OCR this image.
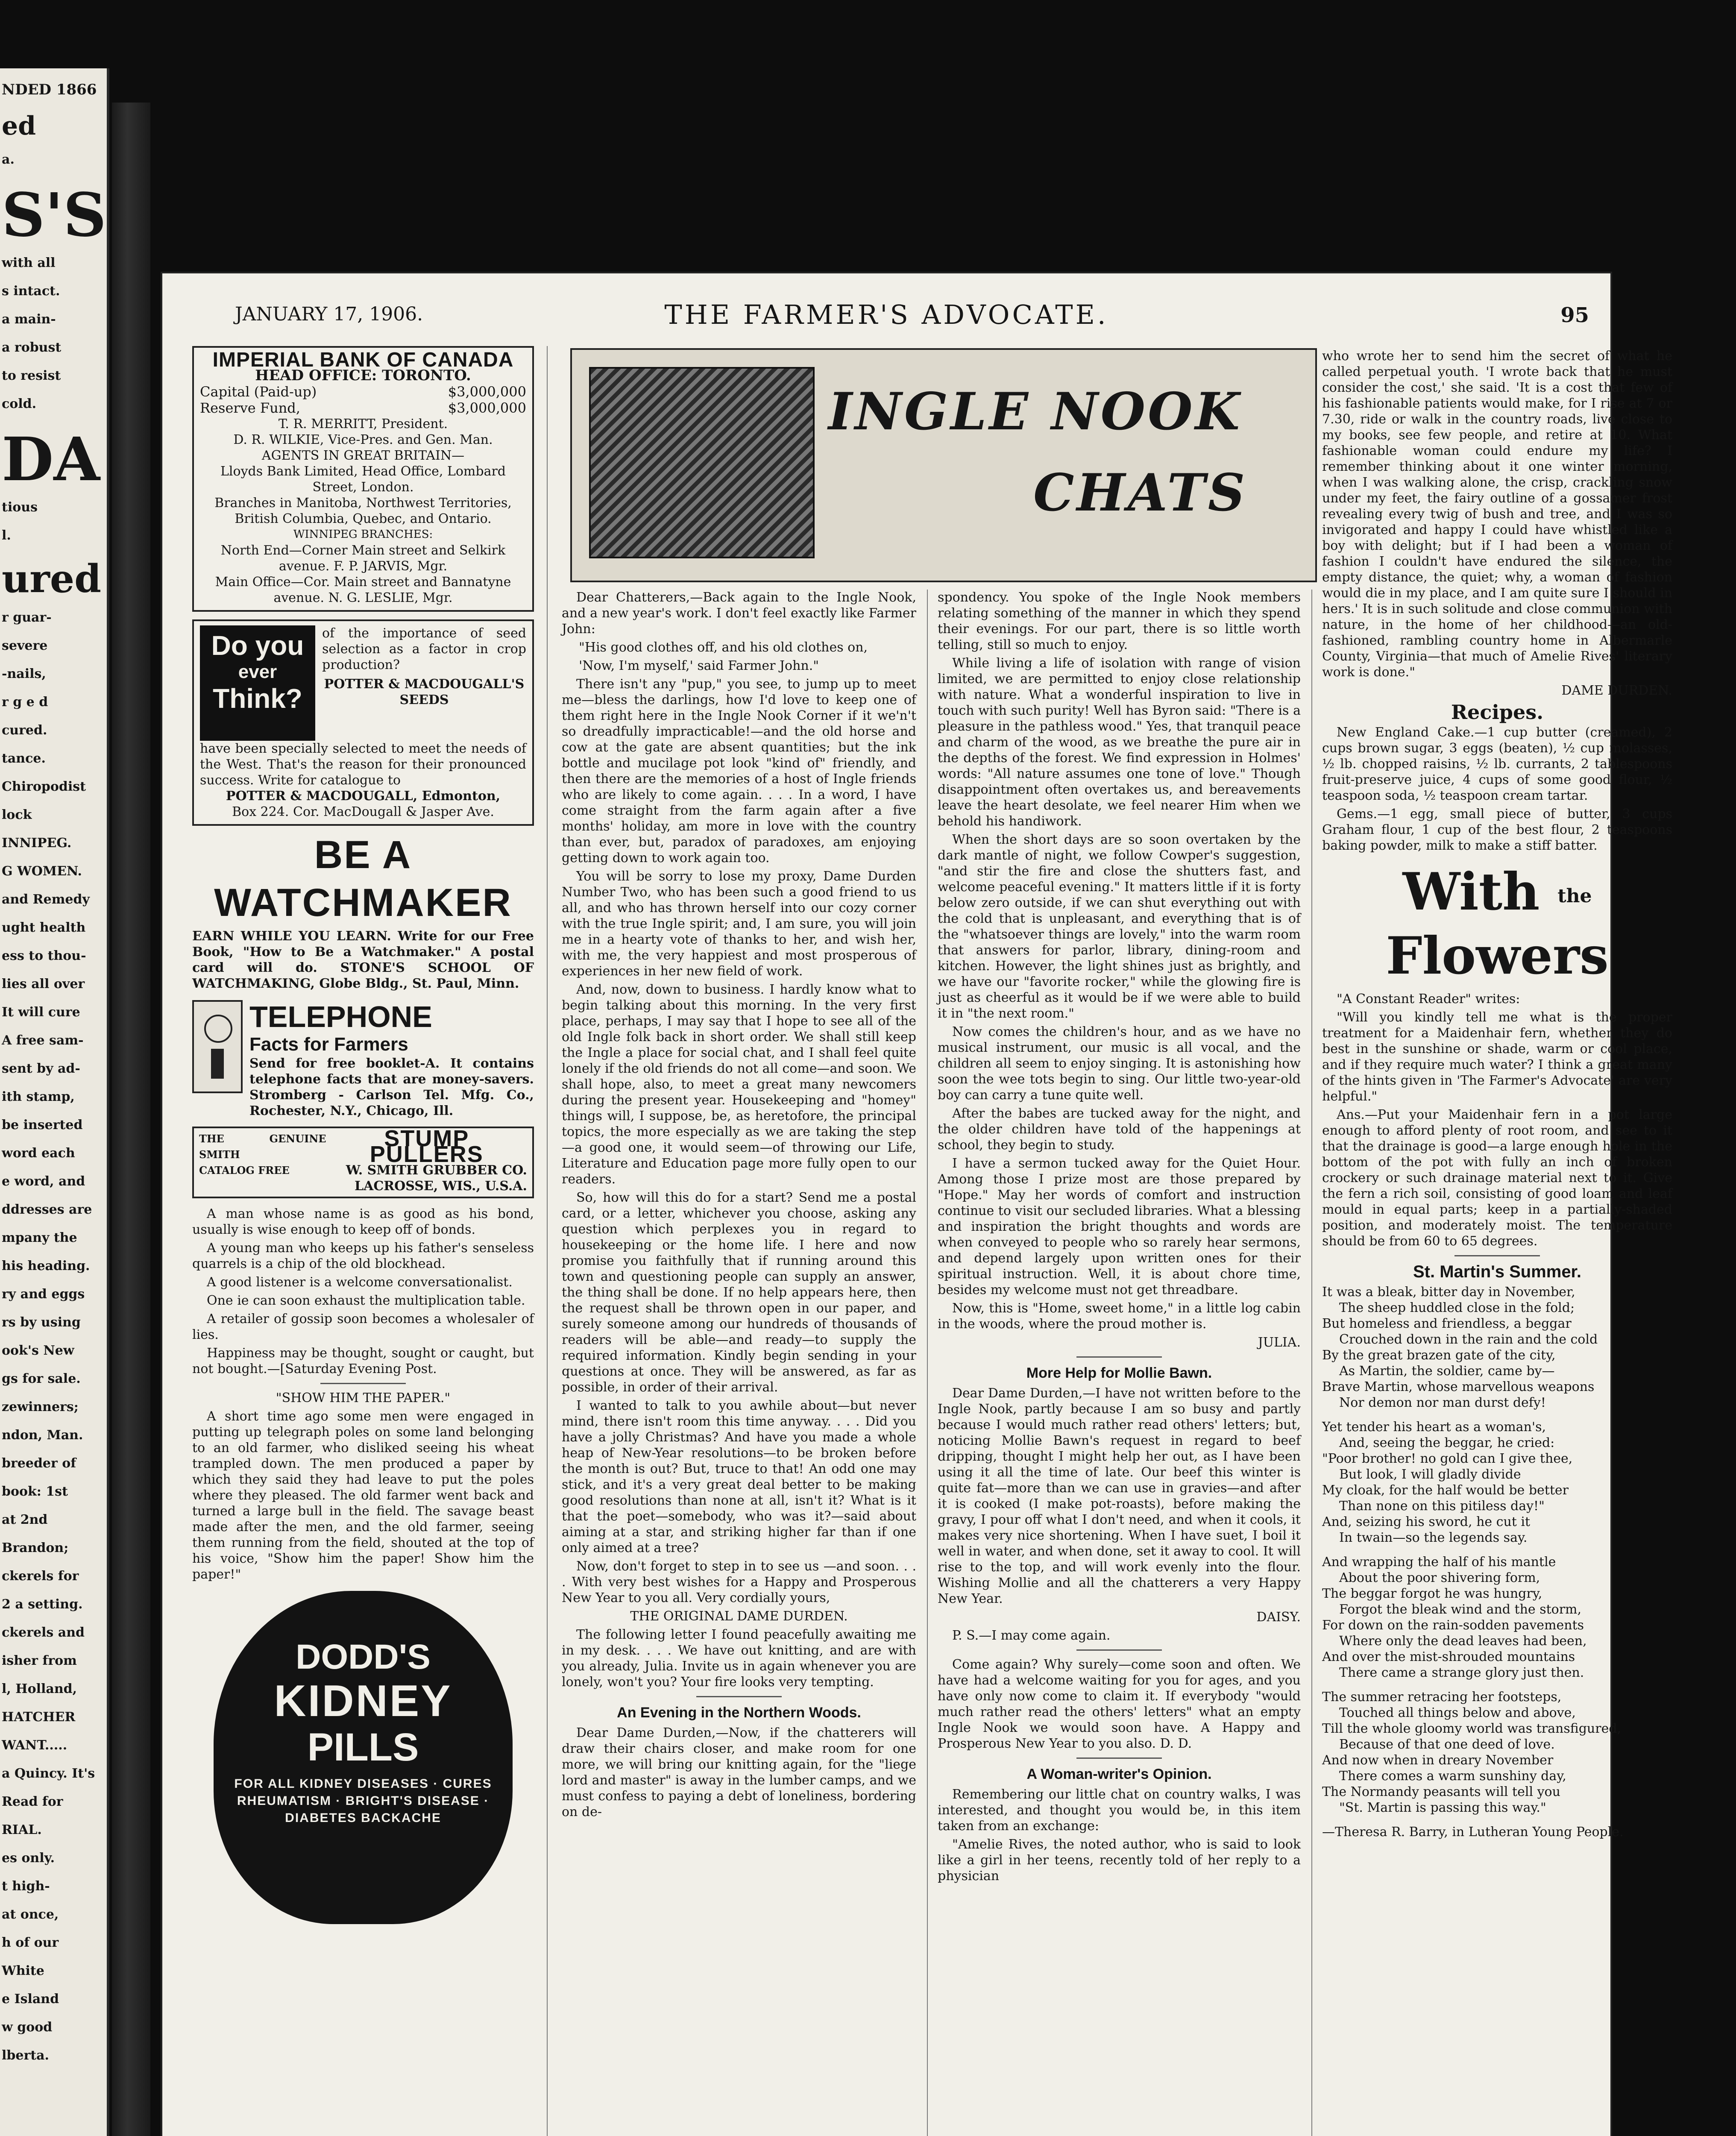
NDED 1866
ed
a.
S'S
with all
s intact.
a main-
a robust
to resist
cold.
DA
tious
l.
ured
r guar-
severe
-nails,
r g e d
cured.
tance.
Chiropodist
lock
INNIPEG.
G WOMEN.
and Remedy
ught health
ess to thou-
lies all over
It will cure
A free sam-
sent by ad-
ith stamp,
be inserted
word each
e word, and
ddresses are
mpany the
his heading.
ry and eggs
rs by using
ook's New
gs for sale.
zewinners;
ndon, Man.
breeder of
book: 1st
at 2nd
Brandon;
ckerels for
2 a setting.
ckerels and
isher from
l, Holland,
HATCHER
WANT.....
a Quincy. It's
Read for
RIAL.
es only.
t high-
at once,
h of our
White
e Island
w good
lberta.
THE FARMER'S ADVOCATE.
JANUARY 17, 1906.	95
IMPERIAL BANK OF CANADA
HEAD OFFICE: TORONTO.
Capital (Paid-up)	$3,000,000
Reserve Fund,	$3,000,000
T. R. MERRITT, President.
D. R. WILKIE, Vice-Pres. and Gen. Man.
AGENTS IN GREAT BRITAIN—
Lloyds Bank Limited, Head Office, Lombard Street, London.
Branches in Manitoba, Northwest Territories, British Columbia, Quebec, and Ontario.
WINNIPEG BRANCHES:
North End—Corner Main street and Selkirk avenue. F. P. JARVIS, Mgr.
Main Office—Cor. Main street and Bannatyne avenue. N. G. LESLIE, Mgr.
Do you
ever
Think?
of the importance of seed selection as a factor in crop production?
POTTER & MACDOUGALL'S SEEDS
have been specially selected to meet the needs of the West. That's the reason for their pronounced success. Write for catalogue to
POTTER & MACDOUGALL, Edmonton,
Box 224. Cor. MacDougall & Jasper Ave.
BE A
WATCHMAKER
EARN WHILE YOU LEARN. Write for our Free Book, "How to Be a Watchmaker." A postal card will do. STONE'S SCHOOL OF WATCHMAKING, Globe Bldg., St. Paul, Minn.
TELEPHONE
Facts for Farmers
Send for free booklet-A. It contains telephone facts that are money-savers. Stromberg - Carlson Tel. Mfg. Co., Rochester, N.Y., Chicago, Ill.
THE GENUINE SMITH
STUMP PULLERS
CATALOG FREE	W. SMITH GRUBBER CO.
LACROSSE, WIS., U.S.A.

A man whose name is as good as his bond, usually is wise enough to keep off of bonds.

A young man who keeps up his father's senseless quarrels is a chip of the old blockhead.

A good listener is a welcome conversationalist.

One ie can soon exhaust the multiplication table.

A retailer of gossip soon becomes a wholesaler of lies.

Happiness may be thought, sought or caught, but not bought.—[Saturday Evening Post.

"SHOW HIM THE PAPER."

A short time ago some men were engaged in putting up telegraph poles on some land belonging to an old farmer, who disliked seeing his wheat trampled down. The men produced a paper by which they said they had leave to put the poles where they pleased. The old farmer went back and turned a large bull in the field. The savage beast made after the men, and the old farmer, seeing them running from the field, shouted at the top of his voice, "Show him the paper! Show him the paper!"

DODD'S
KIDNEY
PILLS
FOR ALL KIDNEY DISEASES · CURES RHEUMATISM · BRIGHT'S DISEASE · DIABETES BACKACHE
INGLE NOOK
CHATS

Dear Chatterers,—Back again to the Ingle Nook, and a new year's work. I don't feel exactly like Farmer John:

"His good clothes off, and his old clothes on,

'Now, I'm myself,' said Farmer John."

There isn't any "pup," you see, to jump up to meet me—bless the darlings, how I'd love to keep one of them right here in the Ingle Nook Corner if it we'n't so dreadfully impracticable!—and the old horse and cow at the gate are absent quantities; but the ink bottle and mucilage pot look "kind of" friendly, and then there are the memories of a host of Ingle friends who are likely to come again. . . . In a word, I have come straight from the farm again after a five months' holiday, am more in love with the country than ever, but, paradox of paradoxes, am enjoying getting down to work again too.

You will be sorry to lose my proxy, Dame Durden Number Two, who has been such a good friend to us all, and who has thrown herself into our cozy corner with the true Ingle spirit; and, I am sure, you will join me in a hearty vote of thanks to her, and wish her, with me, the very happiest and most prosperous of experiences in her new field of work.

And, now, down to business. I hardly know what to begin talking about this morning. In the very first place, perhaps, I may say that I hope to see all of the old Ingle folk back in short order. We shall still keep the Ingle a place for social chat, and I shall feel quite lonely if the old friends do not all come—and soon. We shall hope, also, to meet a great many newcomers during the present year. Housekeeping and "homey" things will, I suppose, be, as heretofore, the principal topics, the more especially as we are taking the step—a good one, it would seem—of throwing our Life, Literature and Education page more fully open to our readers.

So, how will this do for a start? Send me a postal card, or a letter, whichever you choose, asking any question which perplexes you in regard to housekeeping or the home life. I here and now promise you faithfully that if running around this town and questioning people can supply an answer, the thing shall be done. If no help appears here, then the request shall be thrown open in our paper, and surely someone among our hundreds of thousands of readers will be able—and ready—to supply the required information. Kindly begin sending in your questions at once. They will be answered, as far as possible, in order of their arrival.

I wanted to talk to you awhile about—but never mind, there isn't room this time anyway. . . . Did you have a jolly Christmas? And have you made a whole heap of New-Year resolutions—to be broken before the month is out? But, truce to that! An odd one may stick, and it's a very great deal better to be making good resolutions than none at all, isn't it? What is it that the poet—somebody, who was it?—said about aiming at a star, and striking higher far than if one only aimed at a tree?

Now, don't forget to step in to see us —and soon. . . . With very best wishes for a Happy and Prosperous New Year to you all. Very cordially yours,

THE ORIGINAL DAME DURDEN.

The following letter I found peacefully awaiting me in my desk. . . . We have out knitting, and are with you already, Julia. Invite us in again whenever you are lonely, won't you? Your fire looks very tempting.

An Evening in the Northern Woods.

Dear Dame Durden,—Now, if the chatterers will draw their chairs closer, and make room for one more, we will bring our knitting again, for the "liege lord and master" is away in the lumber camps, and we must confess to paying a debt of loneliness, bordering on de-

spondency. You spoke of the Ingle Nook members relating something of the manner in which they spend their evenings. For our part, there is so little worth telling, still so much to enjoy.

While living a life of isolation with range of vision limited, we are permitted to enjoy close relationship with nature. What a wonderful inspiration to live in touch with such purity! Well has Byron said: "There is a pleasure in the pathless wood." Yes, that tranquil peace and charm of the wood, as we breathe the pure air in the depths of the forest. We find expression in Holmes' words: "All nature assumes one tone of love." Though disappointment often overtakes us, and bereavements leave the heart desolate, we feel nearer Him when we behold his handiwork.

When the short days are so soon overtaken by the dark mantle of night, we follow Cowper's suggestion, "and stir the fire and close the shutters fast, and welcome peaceful evening." It matters little if it is forty below zero outside, if we can shut everything out with the cold that is unpleasant, and everything that is of the "whatsoever things are lovely," into the warm room that answers for parlor, library, dining-room and kitchen. However, the light shines just as brightly, and we have our "favorite rocker," while the glowing fire is just as cheerful as it would be if we were able to build it in "the next room."

Now comes the children's hour, and as we have no musical instrument, our music is all vocal, and the children all seem to enjoy singing. It is astonishing how soon the wee tots begin to sing. Our little two-year-old boy can carry a tune quite well.

After the babes are tucked away for the night, and the older children have told of the happenings at school, they begin to study.

I have a sermon tucked away for the Quiet Hour. Among those I prize most are those prepared by "Hope." May her words of comfort and instruction continue to visit our secluded libraries. What a blessing and inspiration the bright thoughts and words are when conveyed to people who so rarely hear sermons, and depend largely upon written ones for their spiritual instruction. Well, it is about chore time, besides my welcome must not get threadbare.

Now, this is "Home, sweet home," in a little log cabin in the woods, where the proud mother is.

JULIA.

More Help for Mollie Bawn.

Dear Dame Durden,—I have not written before to the Ingle Nook, partly because I am so busy and partly because I would much rather read others' letters; but, noticing Mollie Bawn's request in regard to beef dripping, thought I might help her out, as I have been using it all the time of late. Our beef this winter is quite fat—more than we can use in gravies—and after it is cooked (I make pot-roasts), before making the gravy, I pour off what I don't need, and when it cools, it makes very nice shortening. When I have suet, I boil it well in water, and when done, set it away to cool. It will rise to the top, and will work evenly into the flour. Wishing Mollie and all the chatterers a very Happy New Year.

DAISY.

P. S.—I may come again.

Come again? Why surely—come soon and often. We have had a welcome waiting for you for ages, and you have only now come to claim it. If everybody "would much rather read the others' letters" what an empty Ingle Nook we would soon have. A Happy and Prosperous New Year to you also. D. D.

A Woman-writer's Opinion.

Remembering our little chat on country walks, I was interested, and thought you would be, in this item taken from an exchange:

"Amelie Rives, the noted author, who is said to look like a girl in her teens, recently told of her reply to a physician

who wrote her to send him the secret of what he called perpetual youth. 'I wrote back that he must consider the cost,' she said. 'It is a cost that few of his fashionable patients would make, for I rise at 7 or 7.30, ride or walk in the country roads, live close to my books, see few people, and retire at 10. What fashionable woman could endure my life? I remember thinking about it one winter morning, when I was walking alone, the crisp, crackling snow under my feet, the fairy outline of a gossamer frost revealing every twig of bush and tree, and I was so invigorated and happy I could have whistled like a boy with delight; but if I had been a woman of fashion I couldn't have endured the silence, the empty distance, the quiet; why, a woman of fashion would die in my place, and I am quite sure I should in hers.' It is in such solitude and close communion with nature, in the home of her childhood—an old-fashioned, rambling country home in Albermarle County, Virginia—that much of Amelie Rives' literary work is done."

DAME DURDEN.

Recipes.

New England Cake.—1 cup butter (creamed), 2 cups brown sugar, 3 eggs (beaten), ½ cup molasses, ½ lb. chopped raisins, ½ lb. currants, 2 tablespoons fruit-preserve juice, 4 cups of some good flour, ½ teaspoon soda, ½ teaspoon cream tartar.

Gems.—1 egg, small piece of butter, 3 cups Graham flour, 1 cup of the best flour, 2 teaspoons baking powder, milk to make a stiff batter.

With the Flowers

"A Constant Reader" writes:

"Will you kindly tell me what is the proper treatment for a Maidenhair fern, whether they do best in the sunshine or shade, warm or cool place, and if they require much water? I think a great many of the hints given in 'The Farmer's Advocate' are very helpful."

Ans.—Put your Maidenhair fern in a pot large enough to afford plenty of root room, and see to it that the drainage is good—a large enough hole in the bottom of the pot with fully an inch of broken crockery or such drainage material next to it. Give the fern a rich soil, consisting of good loam and leaf mould in equal parts; keep in a partially-shaded position, and moderately moist. The temperature should be from 60 to 65 degrees.

St. Martin's Summer.

It was a bleak, bitter day in November,

The sheep huddled close in the fold;

But homeless and friendless, a beggar

Crouched down in the rain and the cold

By the great brazen gate of the city,

As Martin, the soldier, came by—

Brave Martin, whose marvellous weapons

Nor demon nor man durst defy!

Yet tender his heart as a woman's,

And, seeing the beggar, he cried:

"Poor brother! no gold can I give thee,

But look, I will gladly divide

My cloak, for the half would be better

Than none on this pitiless day!"

And, seizing his sword, he cut it

In twain—so the legends say.

And wrapping the half of his mantle

About the poor shivering form,

The beggar forgot he was hungry,

Forgot the bleak wind and the storm,

For down on the rain-sodden pavements

Where only the dead leaves had been,

And over the mist-shrouded mountains

There came a strange glory just then.

The summer retracing her footsteps,

Touched all things below and above,

Till the whole gloomy world was transfigured,

Because of that one deed of love.

And now when in dreary November

There comes a warm sunshiny day,

The Normandy peasants will tell you

"St. Martin is passing this way."

—Theresa R. Barry, in Lutheran Young People.
